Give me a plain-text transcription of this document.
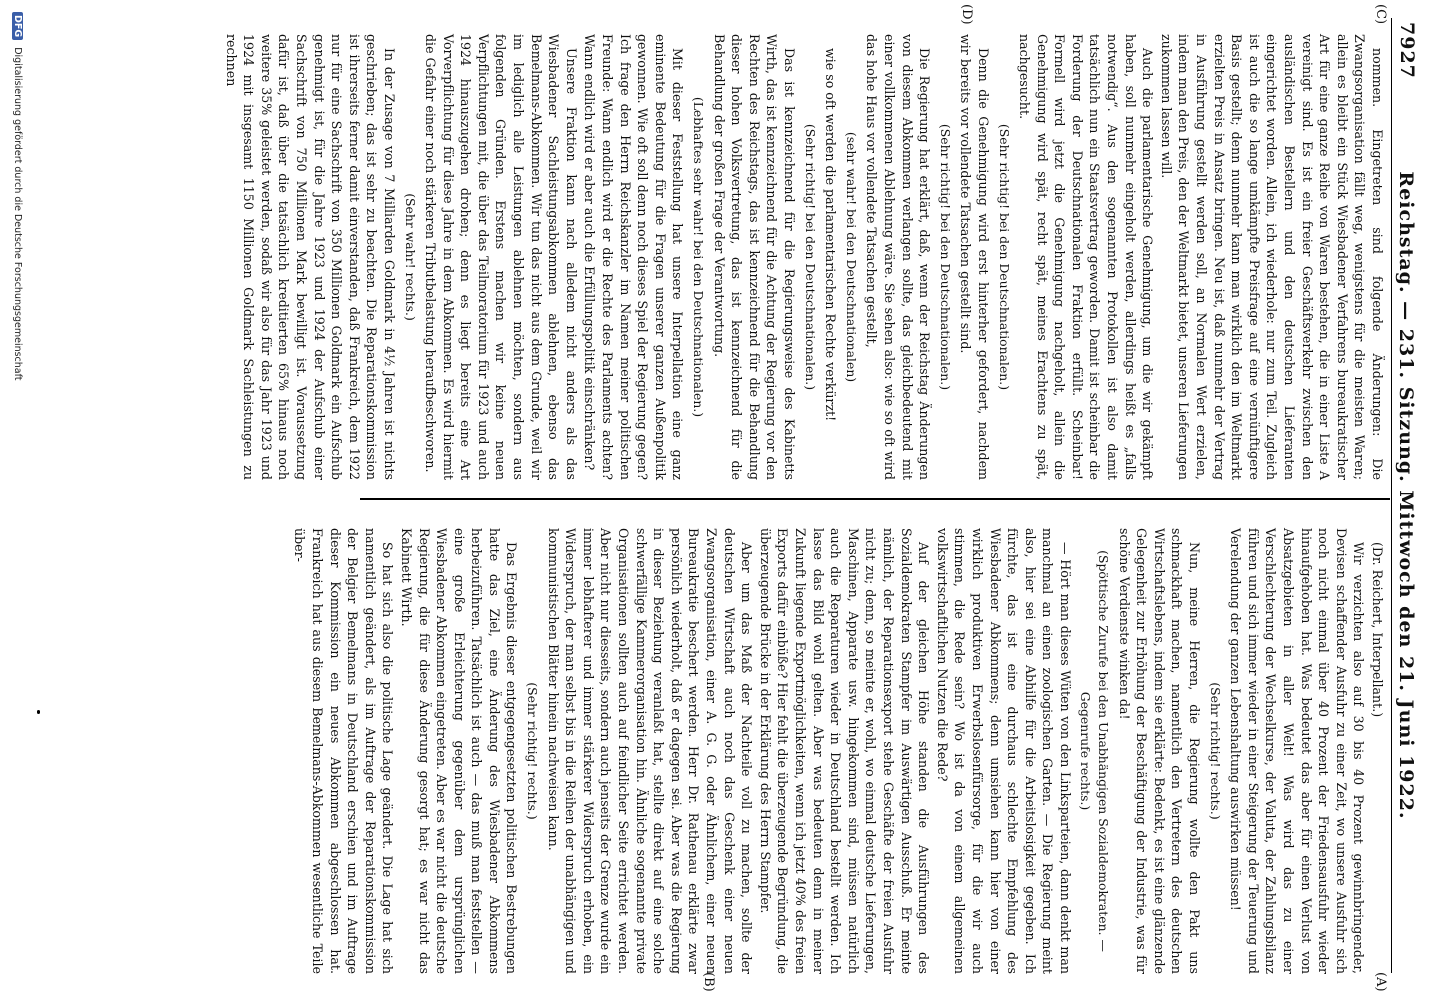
7927
Reichstag. — 231. Sitzung. Mittwoch den 21. Juni 1922.
(C)
(D)
(A)
(B)

(Dr. Reichert, Interpellant.)

Wir verzichten also auf 30 bis 40 Prozent gewinnbringender, Devisen schaffender Ausfuhr zu einer Zeit, wo unsere Ausfuhr sich noch nicht einmal über 40 Prozent der Friedensausfuhr wieder hinaufgehoben hat. Was bedeutet das aber für einen Verlust von Absatzgebieten in aller Welt! Was wird das zu einer Verschlechterung der Wechselkurse, der Valuta, der Zahlungsbilanz führen und sich immer wieder in einer Steigerung der Teuerung und Verelendung der ganzen Lebenshaltung auswirken müssen!

(Sehr richtig! rechts.)

Nun, meine Herren, die Regierung wollte den Pakt uns schmackhaft machen, namentlich den Vertretern des deutschen Wirtschaftslebens, indem sie erklärte: Bedenkt, es ist eine glänzende Gelegenheit zur Erhöhung der Beschäftigung der Industrie, was für schöne Verdienste winken da!

(Spöttische Zurufe bei den Unabhängigen Sozialdemokraten. — Gegenrufe rechts.)

— Hört man dieses Wüten von den Linksparteien, dann denkt man manchmal an einen zoologischen Garten. — Die Regierung meint also, hier sei eine Abhilfe für die Arbeitslosigkeit gegeben. Ich fürchte, das ist eine durchaus schlechte Empfehlung des Wiesbadener Abkommens; denn umsiehen kann hier von einer wirklich produktiven Erwerbslosenfürsorge, für die wir auch stimmen, die Rede sein? Wo ist da von einem allgemeinen volkswirtschaftlichen Nutzen die Rede?

Auf der gleichen Höhe standen die Ausführungen des Sozialdemokraten Stampfer im Auswärtigen Ausschuß. Er meinte nämlich, der Reparationsexport stehe Geschäfte der freien Ausfuhr nicht zu; denn, so meinte er, wohl, wo einmal deutsche Lieferungen, Maschinen, Apparate usw. hingekommen sind, müssen natürlich auch die Reparaturen wieder in Deutschland bestellt werden. Ich lasse das Bild wohl gelten. Aber was bedeuten denn in meiner Zukunft liegende Exportmöglichkeiten, wenn ich jetzt 40% des freien Exports dafür einbüße? Hier fehlt die überzeugende Begründung, die überzeugende Brücke in der Erklärung des Herrn Stampfer.

Aber um das Maß der Nachteile voll zu machen, sollte der deutschen Wirtschaft auch noch das Geschenk einer neuen Zwangsorganisation, einer A. G. G. oder Ähnlichem, einer neuen Bureaukratie beschert werden. Herr Dr. Rathenau erklärte zwar persönlich wiederholt, daß er dagegen sei. Aber was die Regierung in dieser Beziehung veranlaßt hat, stellte direkt auf eine solche schwerfällige Kammerorganisation hin. Ähnliche sogenannte private Organisationen sollten auch auf feindlicher Seite errichtet werden. Aber nicht nur diesseits, sondern auch jenseits der Grenze wurde ein immer lebhafterer und immer stärkerer Widerspruch erhoben, ein Widerspruch, der man selbst bis in die Reihen der unabhängigen und kommunistischen Blätter hinein nachweisen kann.

(Sehr richtig! rechts.)

Das Ergebnis dieser entgegengesetzten politischen Bestrebungen hatte das Ziel, eine Änderung des Wiesbadener Abkommens herbeizuführen. Tatsächlich ist auch — das muß man feststellen — eine große Erleichterung gegenüber dem ursprünglichen Wiesbadener Abkommen eingetreten. Aber es war nicht die deutsche Regierung, die für diese Änderung gesorgt hat; es war nicht das Kabinett Wirth.

So hat sich also die politische Lage geändert. Die Lage hat sich namentlich geändert, als im Auftrage der Reparationskommission der Belgier Bemelmans in Deutschland erschien und im Auftrage dieser Kommission ein neues Abkommen abgeschlossen hat. Frankreich hat aus diesem Bemelmans-Abkommen wesentliche Teile über-

nommen. Eingetreten sind folgende Änderungen: Die Zwangsorganisation fällt weg, wenigstens für die meisten Waren; allein es bleibt ein Stück Wiesbadener Verfahrens bureaukratischer Art für eine ganze Reihe von Waren bestehen, die in einer Liste A vereinigt sind. Es ist ein freier Geschäftsverkehr zwischen den ausländischen Bestellern und den deutschen Lieferanten eingerichtet worden. Allein, ich wiederhole: nur zum Teil. Zugleich ist auch die so lange umkämpfte Preisfrage auf eine vernünftigere Basis gestellt; denn nunmehr kann man wirklich den im Weltmarkt erzielten Preis in Ansatz bringen. Neu ist, daß nunmehr der Vertrag in Ausführung gestellt werden soll, an Normalen Wert erzielen, indem man den Preis, den der Weltmarkt bietet, unseren Lieferungen zukommen lassen will.

Auch die parlamentarische Genehmigung, um die wir gekämpft haben, soll nunmehr eingeholt werden, allerdings heißt es „falls notwendig“. Aus den sogenannten Protokollen ist also damit tatsächlich nun ein Staatsvertrag geworden. Damit ist scheinbar die Forderung der Deutschnationalen Fraktion erfüllt. Scheinbar! Formell wird jetzt die Genehmigung nachgeholt, allein die Genehmigung wird spät, recht spät, meines Erachtens zu spät, nachgesucht.

(Sehr richtig! bei den Deutschnationalen.)

Denn die Genehmigung wird erst hinterher gefordert, nachdem wir bereits vor vollendete Tatsachen gestellt sind.

(Sehr richtig! bei den Deutschnationalen.)

Die Regierung hat erklärt, daß, wenn der Reichstag Änderungen von diesem Abkommen verlangen sollte, das gleichbedeutend mit einer vollkommenen Ablehnung wäre. Sie sehen also: wie so oft wird das hohe Haus vor vollendete Tatsachen gestellt,

(sehr wahr! bei den Deutschnationalen)

wie so oft werden die parlamentarischen Rechte verkürzt!

(Sehr richtig! bei den Deutschnationalen.)

Das ist kennzeichnend für die Regierungsweise des Kabinetts Wirth, das ist kennzeichnend für die Achtung der Regierung vor den Rechten des Reichstags, das ist kennzeichnend für die Behandlung dieser hohen Volksvertretung, das ist kennzeichnend für die Behandlung der großen Frage der Verantwortung.

(Lebhaftes sehr wahr! bei den Deutschnationalen.)

Mit dieser Feststellung hat unsere Interpellation eine ganz eminente Bedeutung für die Fragen unserer ganzen Außenpolitik gewonnen. Wie oft soll denn noch dieses Spiel der Regierung gegen? Ich frage den Herrn Reichskanzler im Namen meiner politischen Freunde: Wann endlich wird er die Rechte des Parlaments achten? Wann endlich wird er aber auch die Erfüllungspolitik einschränken?

Unsere Fraktion kann nach alledem nicht anders als das Wiesbadener Sachleistungsabkommen ablehnen, ebenso das Bemelmans-Abkommen. Wir tun das nicht aus dem Grunde, weil wir im lediglich alle Leistungen ablehnen möchten, sondern aus folgenden Gründen. Erstens machen wir keine neuen Verpflichtungen mit, die über das Teilmoratorium für 1923 und auch 1924 hinauszugehen drohen; denn es liegt bereits eine Art Vorverpflichtung für diese Jahre in dem Abkommen. Es wird hiermit die Gefahr einer noch stärkeren Tributbelastung heraufbeschworen.

(Sehr wahr! rechts.)

In der Zusage von 7 Milliarden Goldmark in 4½ Jahren ist nichts geschrieben; das ist sehr zu beachten. Die Reparationskommission ist ihrerseits ferner damit einverstanden, daß Frankreich, dem 1922 nur für eine Sachschrift von 350 Millionen Goldmark ein Aufschub genehmigt ist, für die Jahre 1923 und 1924 der Aufschub einer Sachschrift von 750 Millionen Mark bewilligt ist. Voraussetzung dafür ist, daß über die tatsächlich kreditierten 65% hinaus noch weitere 35% geleistet werden, sodaß wir also für das Jahr 1923 und 1924 mit insgesamt 1150 Millionen Goldmark Sachleistungen zu rechnen

DFG Digitalisierung gefördert durch die Deutsche Forschungsgemeinschaft
